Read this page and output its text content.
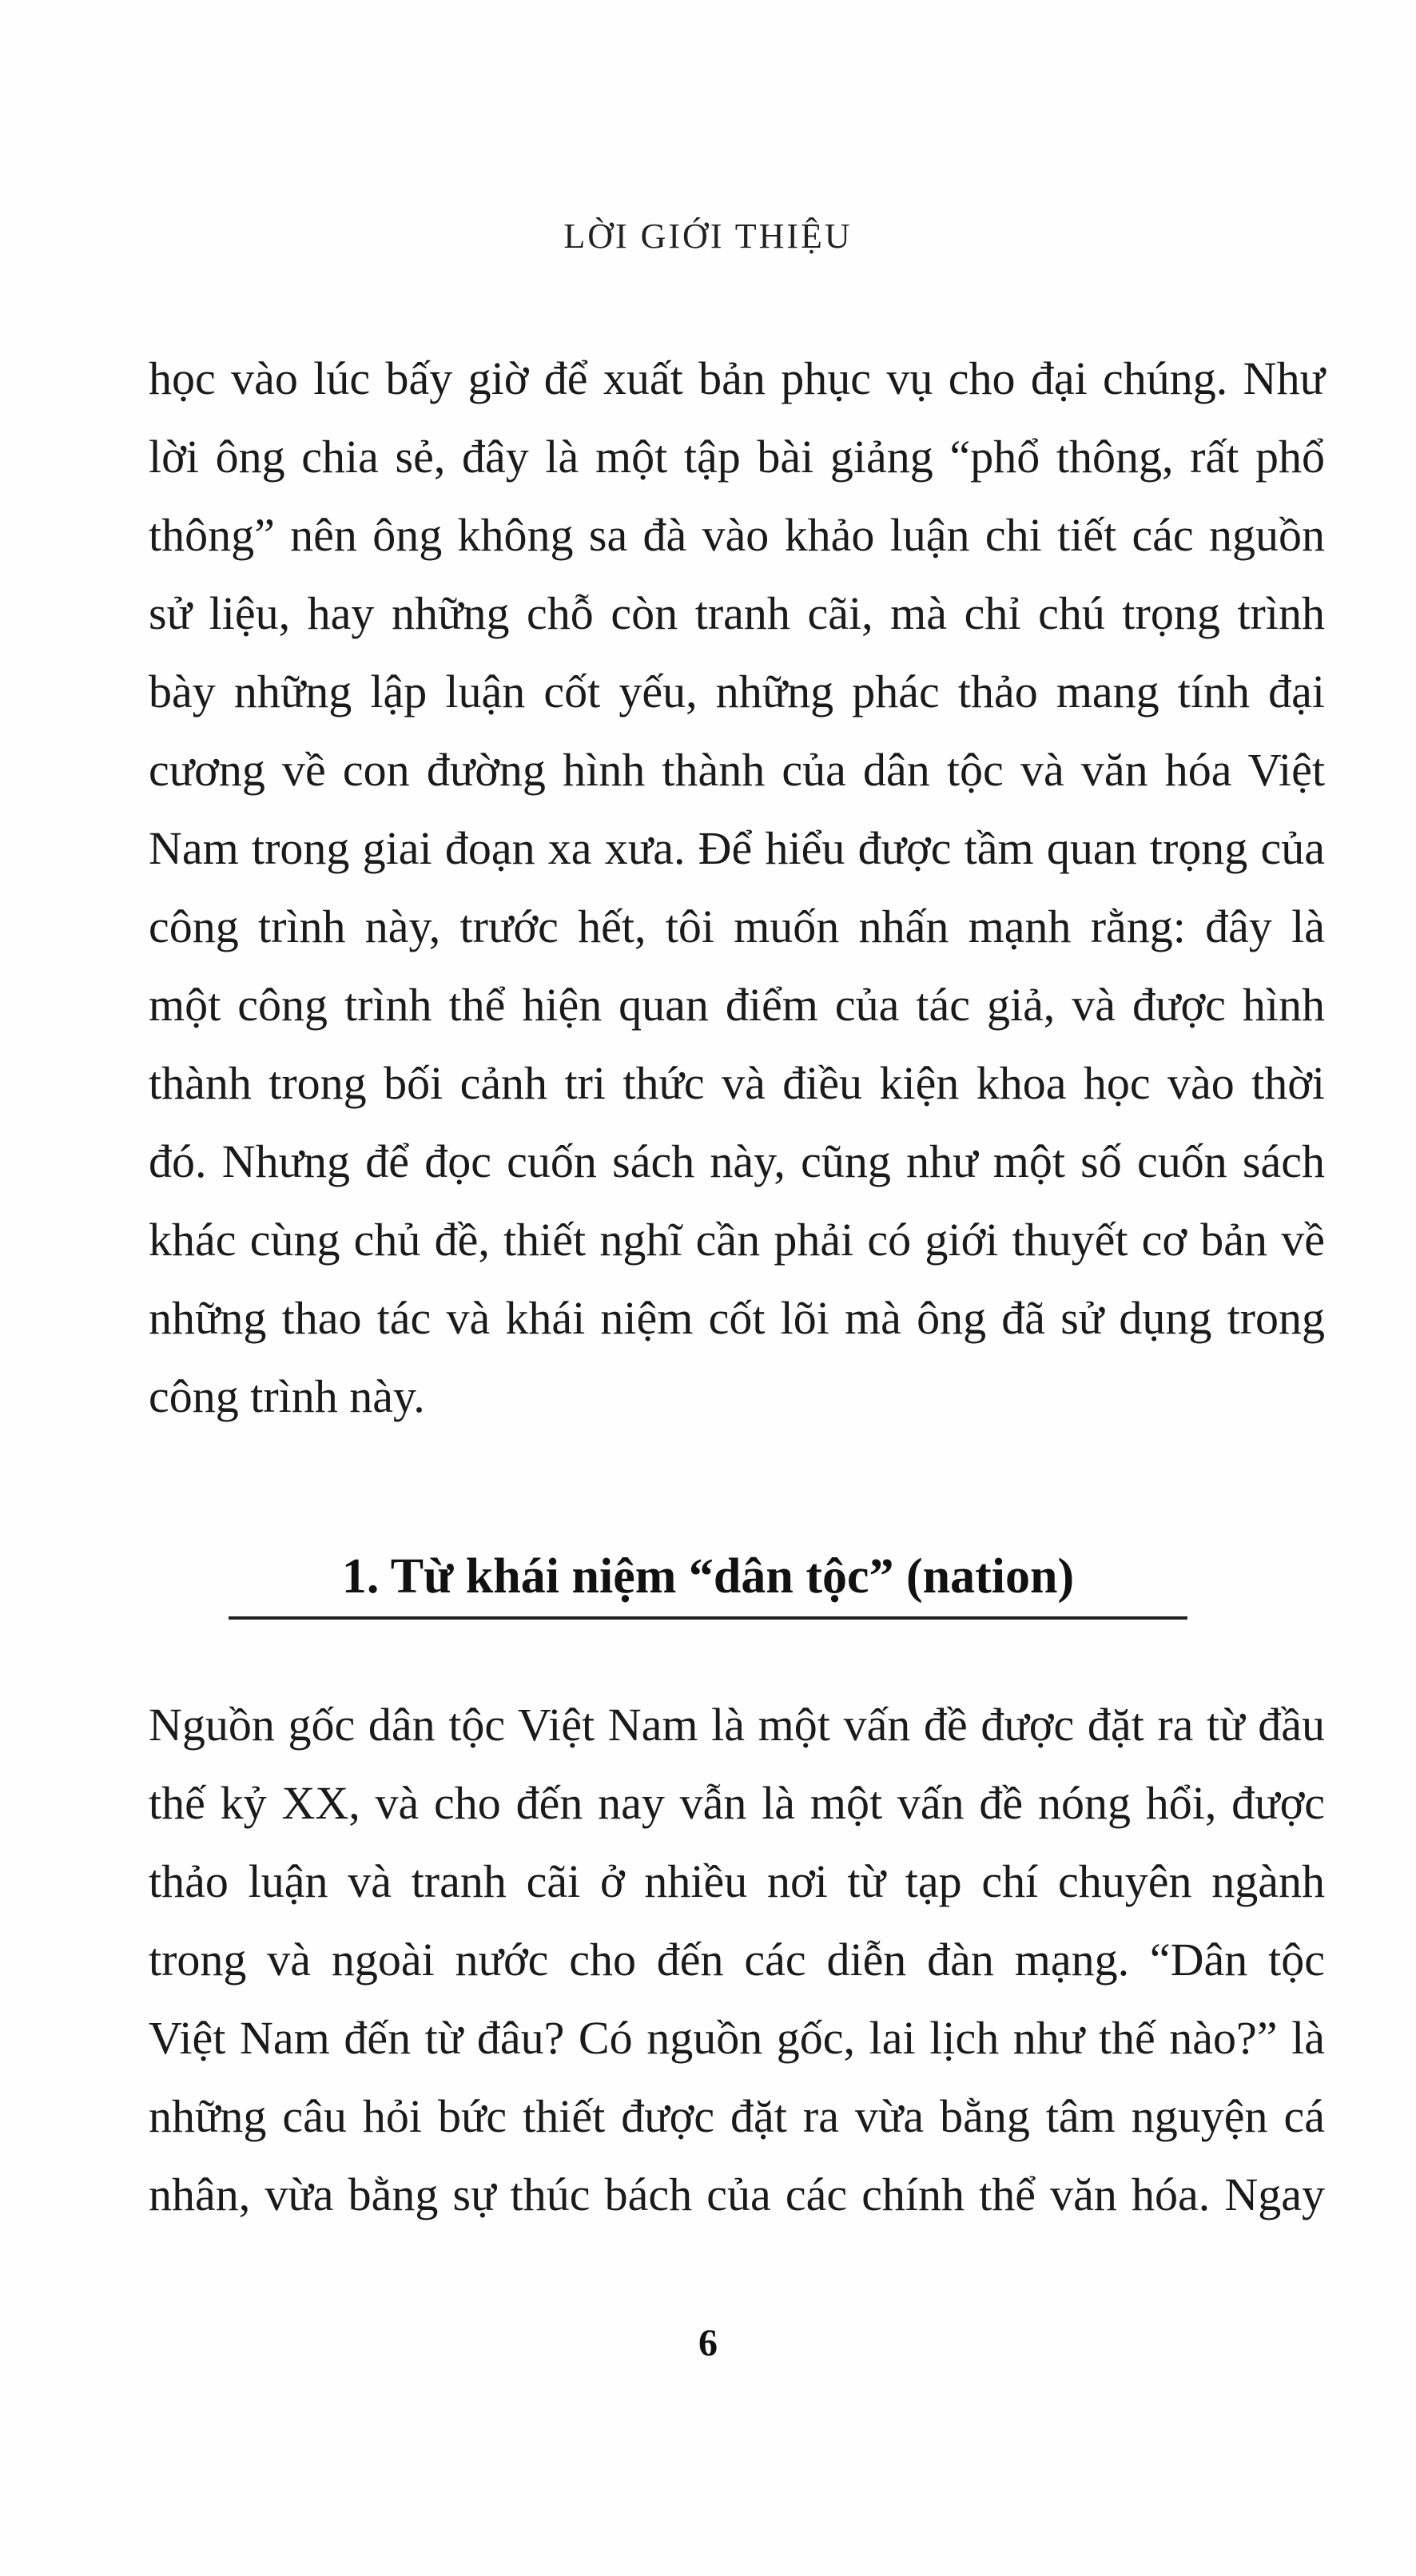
LỜI GIỚI THIỆU
học vào lúc bấy giờ để xuất bản phục vụ cho đại chúng. Như
lời ông chia sẻ, đây là một tập bài giảng “phổ thông, rất phổ
thông” nên ông không sa đà vào khảo luận chi tiết các nguồn
sử liệu, hay những chỗ còn tranh cãi, mà chỉ chú trọng trình
bày những lập luận cốt yếu, những phác thảo mang tính đại
cương về con đường hình thành của dân tộc và văn hóa Việt
Nam trong giai đoạn xa xưa. Để hiểu được tầm quan trọng của
công trình này, trước hết, tôi muốn nhấn mạnh rằng: đây là
một công trình thể hiện quan điểm của tác giả, và được hình
thành trong bối cảnh tri thức và điều kiện khoa học vào thời
đó. Nhưng để đọc cuốn sách này, cũng như một số cuốn sách
khác cùng chủ đề, thiết nghĩ cần phải có giới thuyết cơ bản về
những thao tác và khái niệm cốt lõi mà ông đã sử dụng trong
công trình này.
1. Từ khái niệm “dân tộc” (nation)
Nguồn gốc dân tộc Việt Nam là một vấn đề được đặt ra từ đầu
thế kỷ XX, và cho đến nay vẫn là một vấn đề nóng hổi, được
thảo luận và tranh cãi ở nhiều nơi từ tạp chí chuyên ngành
trong và ngoài nước cho đến các diễn đàn mạng. “Dân tộc
Việt Nam đến từ đâu? Có nguồn gốc, lai lịch như thế nào?” là
những câu hỏi bức thiết được đặt ra vừa bằng tâm nguyện cá
nhân, vừa bằng sự thúc bách của các chính thể văn hóa. Ngay
6
